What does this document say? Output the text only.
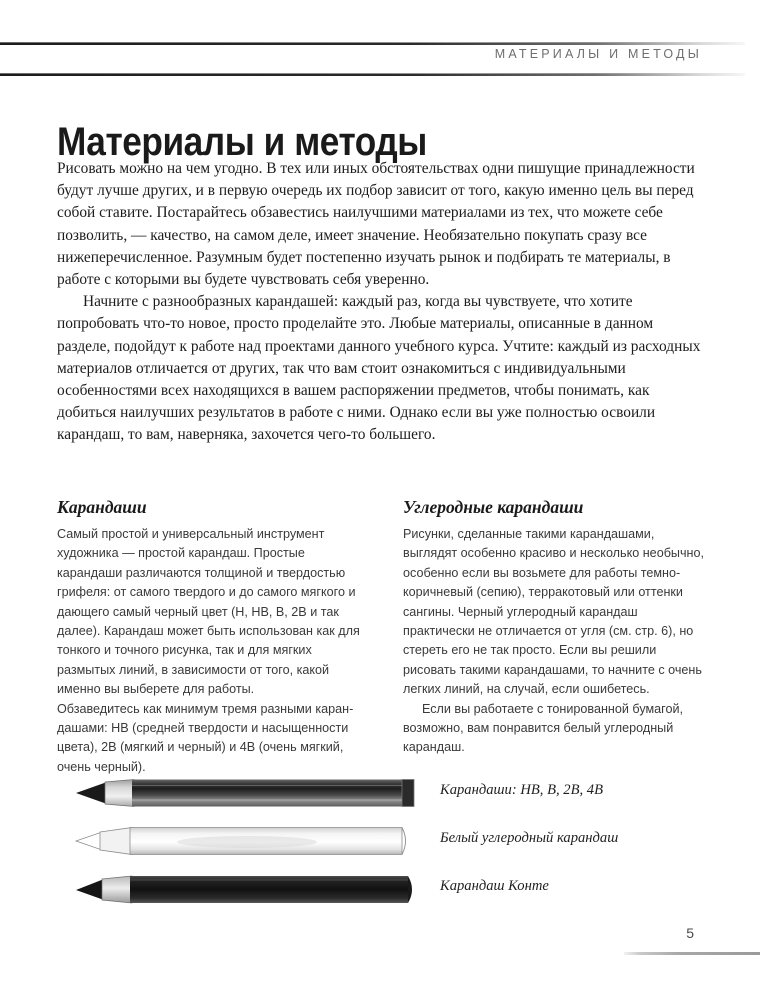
МАТЕРИАЛЫ И МЕТОДЫ
Материалы и методы

Рисовать можно на чем угодно. В тех или иных обстоятельствах одни пишущие принадлежности будут лучше других, и в первую очередь их подбор зависит от того, какую именно цель вы перед собой ставите. Постарайтесь обзавестись наилучшими материалами из тех, что можете себе позволить, — качество, на самом деле, имеет значение. Необязательно покупать сразу все нижеперечисленное. Разумным будет постепенно изучать рынок и подбирать те материалы, в работе с которыми вы будете чувствовать себя уверенно.

Начните с разнообразных карандашей: каждый раз, когда вы чувствуете, что хотите попробовать что-то новое, просто проделайте это. Любые материалы, описанные в данном разделе, подойдут к работе над проектами данного учебного курса. Учтите: каждый из расходных материалов отличается от других, так что вам стоит ознакомиться с индивидуальными особенностями всех находящихся в вашем распоряжении предметов, чтобы понимать, как добиться наилучших результатов в работе с ними. Однако если вы уже полностью освоили карандаш, то вам, наверняка, захочется чего-то большего.

Карандаши

Самый простой и универсальный инструмент художника — простой карандаш. Простые карандаши различаются толщиной и твердостью грифеля: от самого твердого и до самого мягкого и дающего самый черный цвет (H, HB, B, 2B и так далее). Карандаш может быть использован как для тонкого и точного рисунка, так и для мягких размытых линий, в зависимости от того, какой именно вы выберете для работы.

Обзаведитесь как минимум тремя разными карандашами: HB (средней твердости и насыщенности цвета), 2B (мягкий и черный) и 4B (очень мягкий, очень черный).

Углеродные карандаши

Рисунки, сделанные такими карандашами, выглядят особенно красиво и несколько необычно, особенно если вы возьмете для работы темно-коричневый (сепию), терракотовый или оттенки сангины. Черный углеродный карандаш практически не отличается от угля (см. стр. 6), но стереть его не так просто. Если вы решили рисовать такими карандашами, то начните с очень легких линий, на случай, если ошибетесь.

Если вы работаете с тонированной бумагой, возможно, вам понравится белый углеродный карандаш.

Карандаши: HB, B, 2B, 4B
Белый углеродный карандаш
Карандаш Конте
5
